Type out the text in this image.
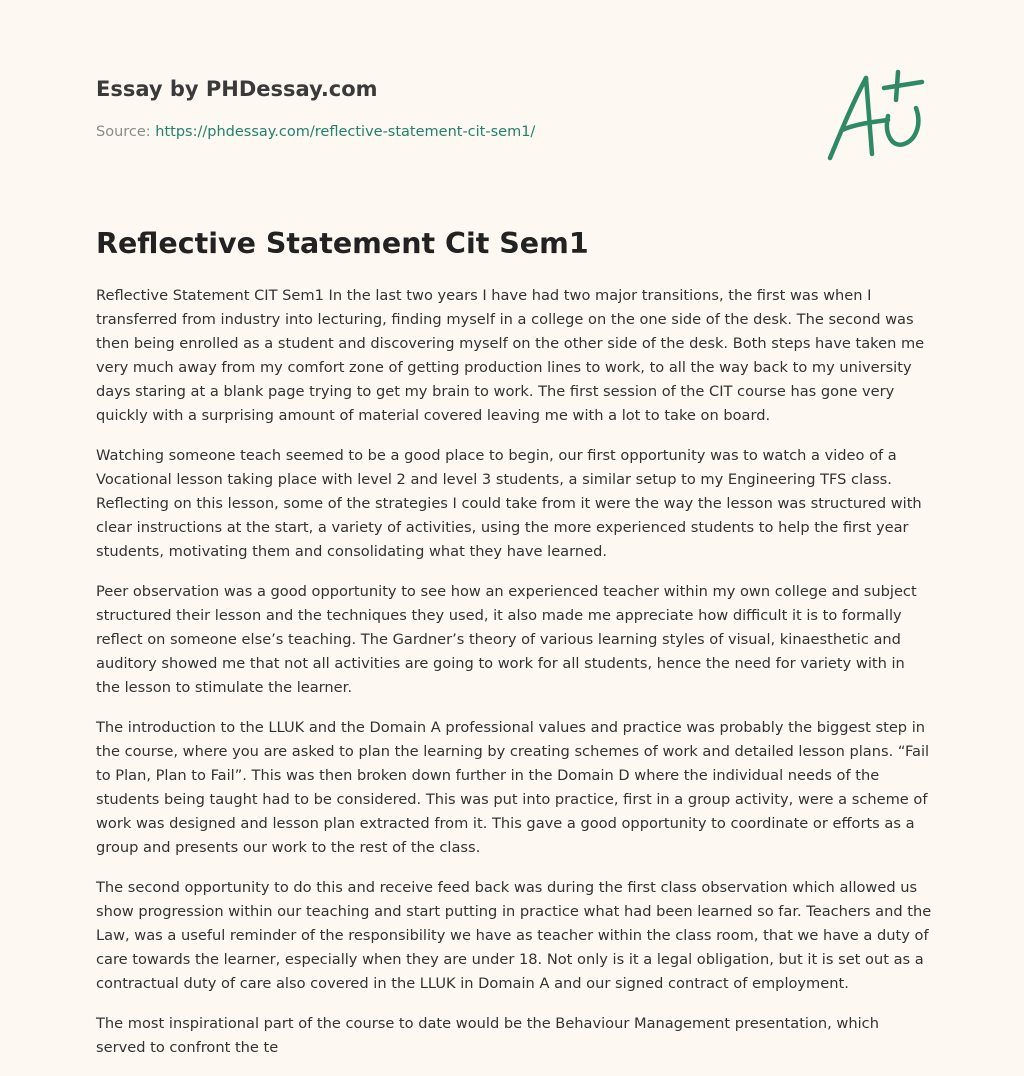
Essay by PHDessay.com
Source: https://phdessay.com/reflective-statement-cit-sem1/
Reflective Statement Cit Sem1

Reflective Statement CIT Sem1 In the last two years I have had two major transitions, the first was when I transferred from industry into lecturing, finding myself in a college on the one side of the desk. The second was then being enrolled as a student and discovering myself on the other side of the desk. Both steps have taken me very much away from my comfort zone of getting production lines to work, to all the way back to my university days staring at a blank page trying to get my brain to work. The first session of the CIT course has gone very quickly with a surprising amount of material covered leaving me with a lot to take on board.

Watching someone teach seemed to be a good place to begin, our first opportunity was to watch a video of a Vocational lesson taking place with level 2 and level 3 students, a similar setup to my Engineering TFS class. Reflecting on this lesson, some of the strategies I could take from it were the way the lesson was structured with clear instructions at the start, a variety of activities, using the more experienced students to help the first year students, motivating them and consolidating what they have learned.

Peer observation was a good opportunity to see how an experienced teacher within my own college and subject structured their lesson and the techniques they used, it also made me appreciate how difficult it is to formally reflect on someone else’s teaching. The Gardner’s theory of various learning styles of visual, kinaesthetic and auditory showed me that not all activities are going to work for all students, hence the need for variety with in the lesson to stimulate the learner.

The introduction to the LLUK and the Domain A professional values and practice was probably the biggest step in the course, where you are asked to plan the learning by creating schemes of work and detailed lesson plans. “Fail to Plan, Plan to Fail”. This was then broken down further in the Domain D where the individual needs of the students being taught had to be considered. This was put into practice, first in a group activity, were a scheme of work was designed and lesson plan extracted from it. This gave a good opportunity to coordinate or efforts as a group and presents our work to the rest of the class.

The second opportunity to do this and receive feed back was during the first class observation which allowed us show progression within our teaching and start putting in practice what had been learned so far. Teachers and the Law, was a useful reminder of the responsibility we have as teacher within the class room, that we have a duty of care towards the learner, especially when they are under 18. Not only is it a legal obligation, but it is set out as a contractual duty of care also covered in the LLUK in Domain A and our signed contract of employment.

The most inspirational part of the course to date would be the Behaviour Management presentation, which served to confront the te
